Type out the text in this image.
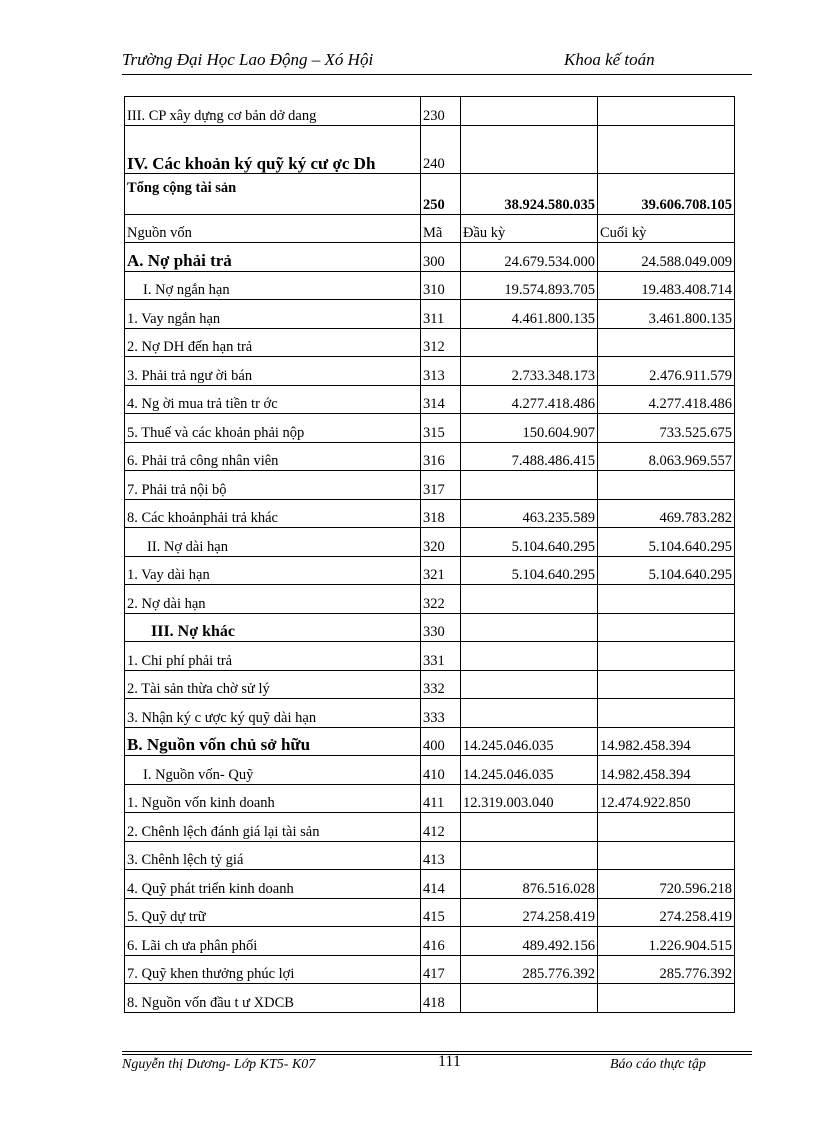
Trường Đại Học Lao Động – Xó Hội	Khoa kế toán
III. CP xây dựng cơ bản dở dang	230		
IV. Các khoản ký quỹ ký cư ợc Dh	240		
Tổng cộng tài sản	250	38.924.580.035	39.606.708.105
Nguồn vốn	Mã	Đầu kỳ	Cuối kỳ
A. Nợ phải trả	300	24.679.534.000	24.588.049.009
I. Nợ ngắn hạn	310	19.574.893.705	19.483.408.714
1. Vay ngắn hạn	311	4.461.800.135	3.461.800.135
2. Nợ DH đến hạn trả	312		
3. Phải trả ngư ời bán	313	2.733.348.173	2.476.911.579
4. Ng ời mua trả tiền tr ớc	314	4.277.418.486	4.277.418.486
5. Thuế và các khoản phải nộp	315	150.604.907	733.525.675
6. Phải trả công nhân viên	316	7.488.486.415	8.063.969.557
7. Phải trả nội bộ	317		
8. Các khoảnphải trả khác	318	463.235.589	469.783.282
II. Nợ dài hạn	320	5.104.640.295	5.104.640.295
1. Vay dài hạn	321	5.104.640.295	5.104.640.295
2. Nợ dài hạn	322		
III. Nợ khác	330		
1. Chi phí phải trả	331		
2. Tài sản thừa chờ sử lý	332		
3. Nhận ký c ược ký quỹ dài hạn	333		
B. Nguồn vốn chủ sở hữu	400	14.245.046.035	14.982.458.394
I. Nguồn vốn- Quỹ	410	14.245.046.035	14.982.458.394
1. Nguồn vốn kinh doanh	411	12.319.003.040	12.474.922.850
2. Chênh lệch đánh giá lại tài sản	412		
3. Chênh lệch tỷ giá	413		
4. Quỹ phát triển kinh doanh	414	876.516.028	720.596.218
5. Quỹ dự trữ	415	274.258.419	274.258.419
6. Lãi ch ưa phân phối	416	489.492.156	1.226.904.515
7. Quỹ khen thưởng phúc lợi	417	285.776.392	285.776.392
8. Nguồn vốn đầu t ư XDCB	418		
Nguyễn thị Dương- Lớp KT5- K07	111	Báo cáo thực tập
